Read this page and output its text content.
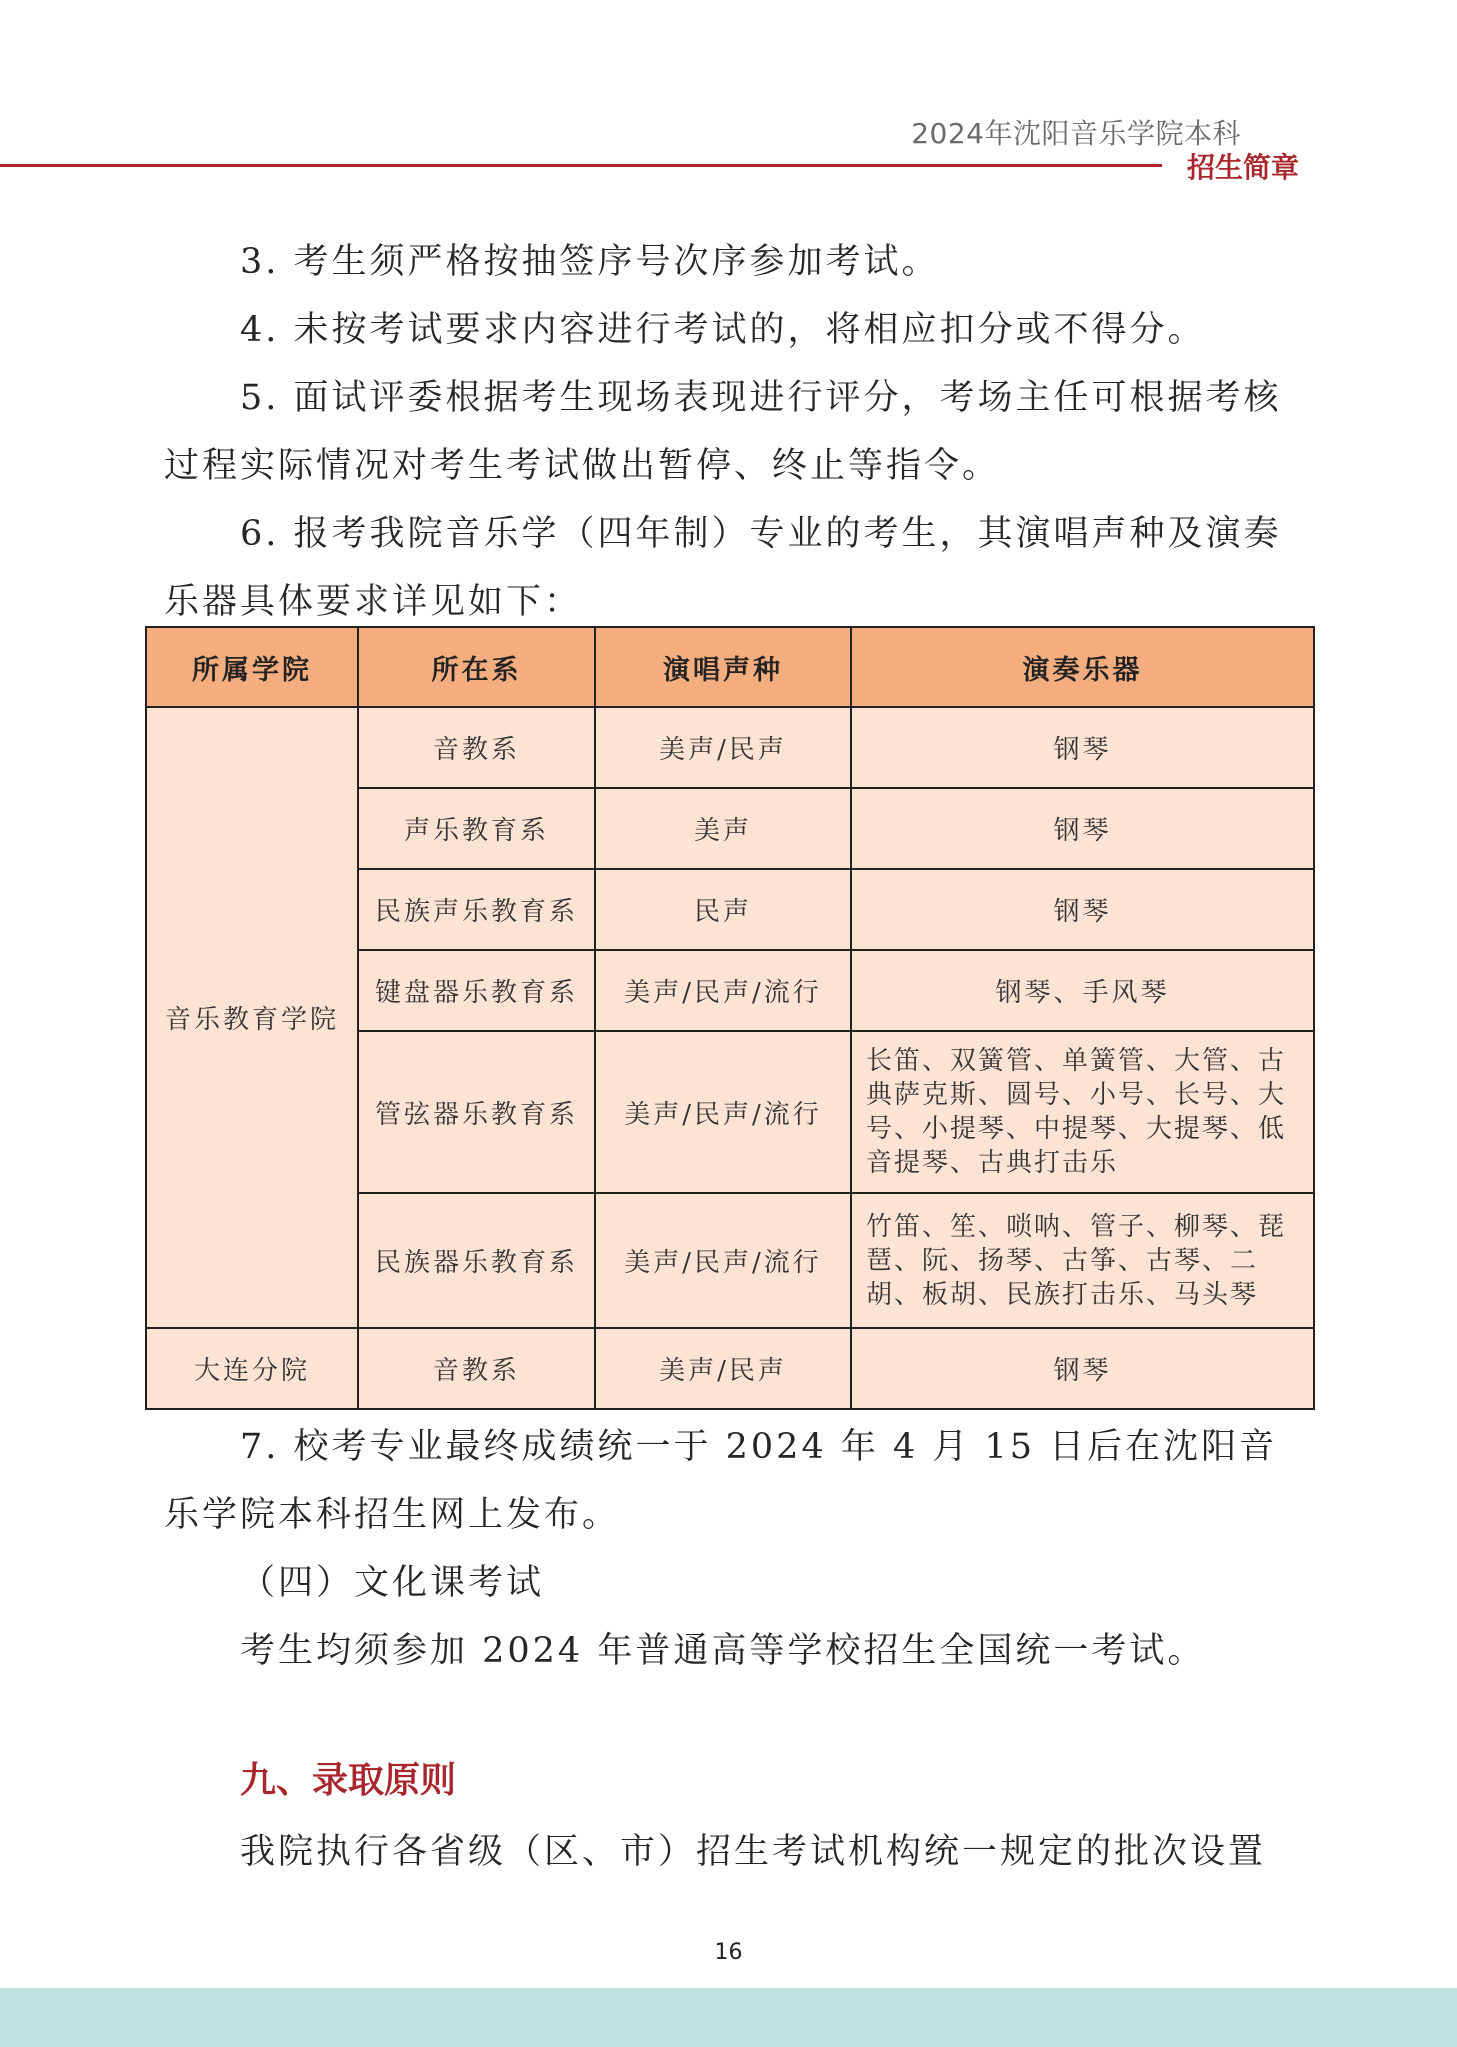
2024年沈阳音乐学院本科
招生简章
3. 考生须严格按抽签序号次序参加考试。
4. 未按考试要求内容进行考试的，将相应扣分或不得分。
5. 面试评委根据考生现场表现进行评分，考场主任可根据考核过程实际情况对考生考试做出暂停、终止等指令。
6. 报考我院音乐学（四年制）专业的考生，其演唱声种及演奏乐器具体要求详见如下：
所属学院	所在系	演唱声种	演奏乐器
音乐教育学院	音教系	美声/民声	钢琴
	声乐教育系	美声	钢琴
	民族声乐教育系	民声	钢琴
	键盘器乐教育系	美声/民声/流行	钢琴、手风琴
	管弦器乐教育系	美声/民声/流行	长笛、双簧管、单簧管、大管、古典萨克斯、圆号、小号、长号、大号、小提琴、中提琴、大提琴、低音提琴、古典打击乐
	民族器乐教育系	美声/民声/流行	竹笛、笙、唢呐、管子、柳琴、琵琶、阮、扬琴、古筝、古琴、二胡、板胡、民族打击乐、马头琴
大连分院	音教系	美声/民声	钢琴
7. 校考专业最终成绩统一于 2024 年 4 月 15 日后在沈阳音乐学院本科招生网上发布。
（四）文化课考试
考生均须参加 2024 年普通高等学校招生全国统一考试。
九、录取原则
我院执行各省级（区、市）招生考试机构统一规定的批次设置
16
